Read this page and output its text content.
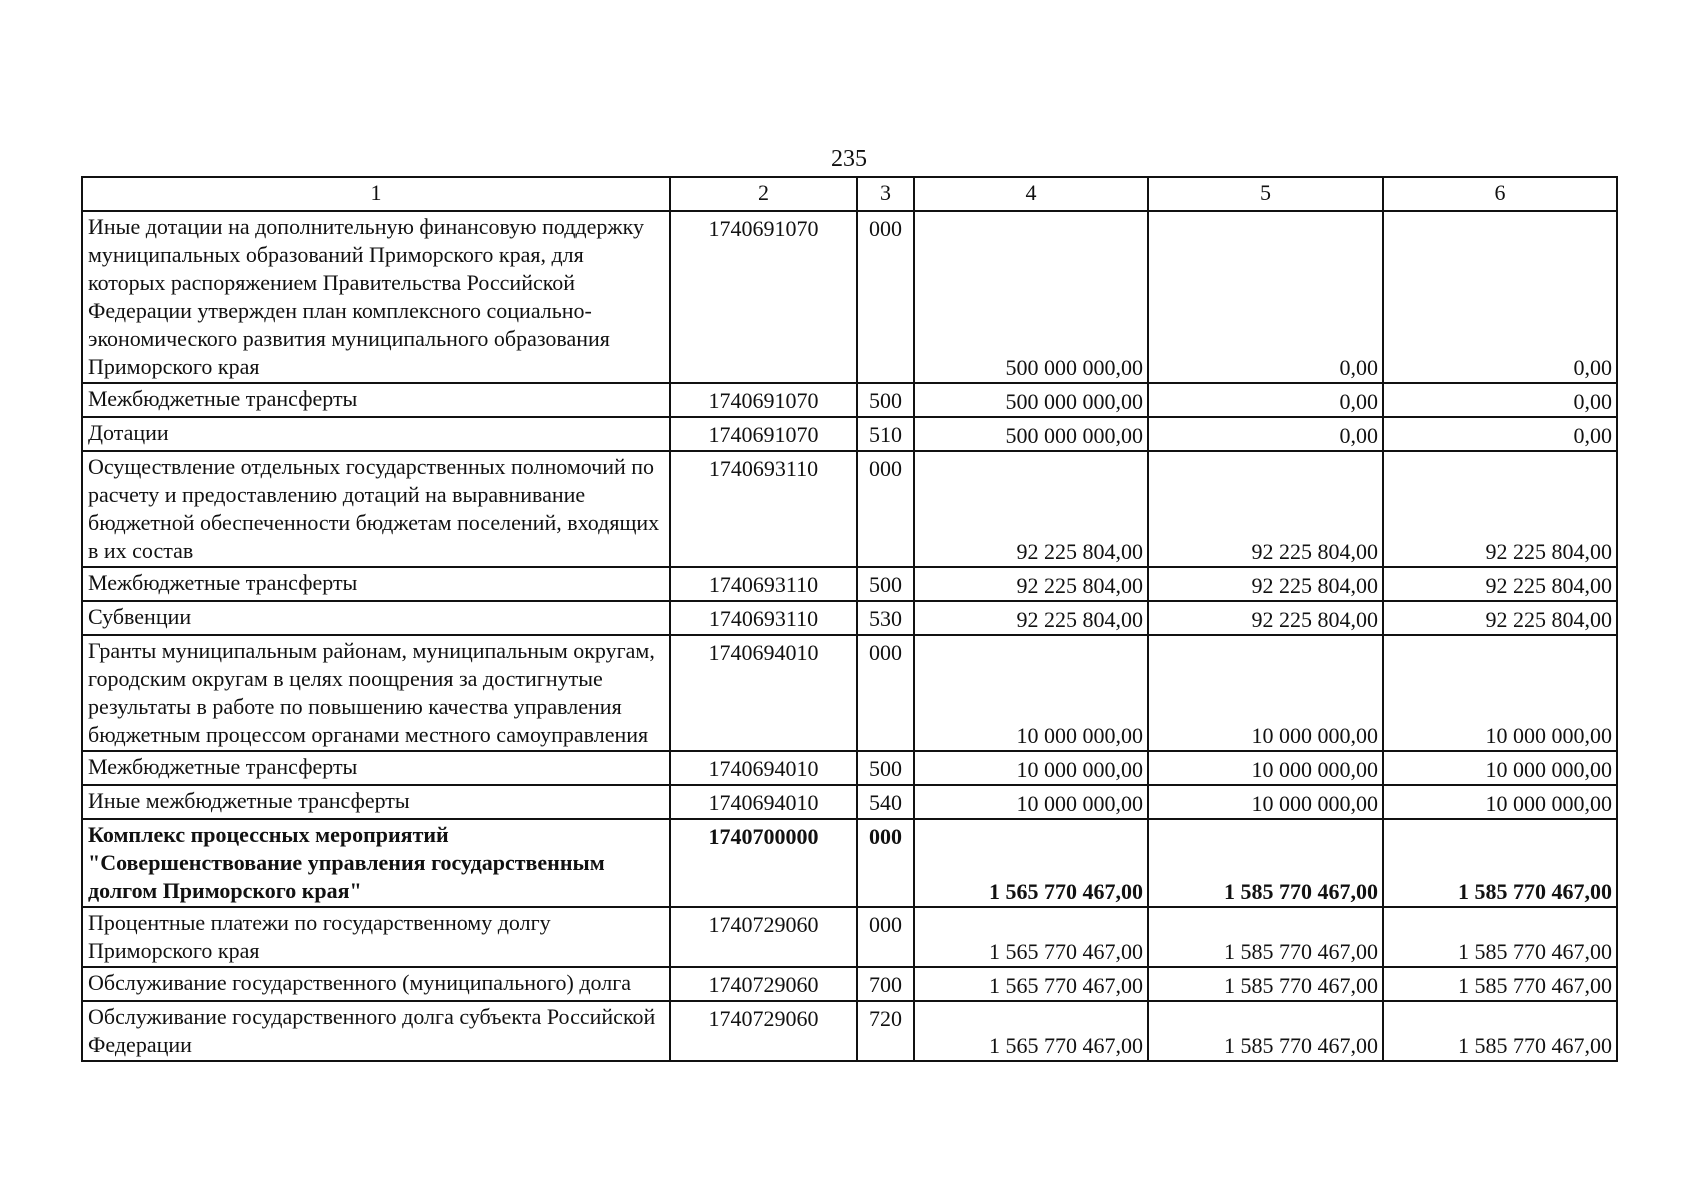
235
1	2	3	4	5	6
Иные дотации на дополнительную финансовую поддержку муниципальных образований Приморского края, для которых распоряжением Правительства Российской Федерации утвержден план комплексного социально-экономического развития муниципального образования Приморского края	1740691070	000	500 000 000,00	0,00	0,00
Межбюджетные трансферты	1740691070	500	500 000 000,00	0,00	0,00
Дотации	1740691070	510	500 000 000,00	0,00	0,00
Осуществление отдельных государственных полномочий по расчету и предоставлению дотаций на выравнивание бюджетной обеспеченности бюджетам поселений, входящих в их состав	1740693110	000	92 225 804,00	92 225 804,00	92 225 804,00
Межбюджетные трансферты	1740693110	500	92 225 804,00	92 225 804,00	92 225 804,00
Субвенции	1740693110	530	92 225 804,00	92 225 804,00	92 225 804,00
Гранты муниципальным районам, муниципальным округам, городским округам в целях поощрения за достигнутые результаты в работе по повышению качества управления бюджетным процессом органами местного самоуправления	1740694010	000	10 000 000,00	10 000 000,00	10 000 000,00
Межбюджетные трансферты	1740694010	500	10 000 000,00	10 000 000,00	10 000 000,00
Иные межбюджетные трансферты	1740694010	540	10 000 000,00	10 000 000,00	10 000 000,00
Комплекс процессных мероприятий "Совершенствование управления государственным долгом Приморского края"	1740700000	000	1 565 770 467,00	1 585 770 467,00	1 585 770 467,00
Процентные платежи по государственному долгу Приморского края	1740729060	000	1 565 770 467,00	1 585 770 467,00	1 585 770 467,00
Обслуживание государственного (муниципального) долга	1740729060	700	1 565 770 467,00	1 585 770 467,00	1 585 770 467,00
Обслуживание государственного долга субъекта Российской Федерации	1740729060	720	1 565 770 467,00	1 585 770 467,00	1 585 770 467,00
